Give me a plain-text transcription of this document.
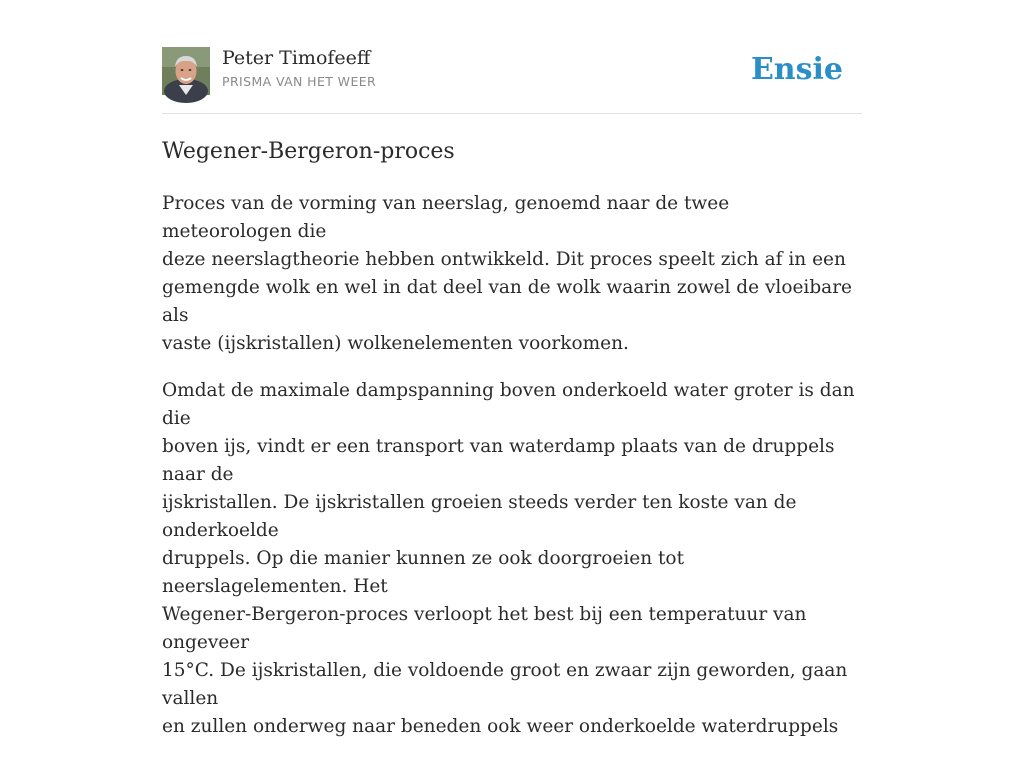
Peter Timofeeff
PRISMA VAN HET WEER	Ensie
Wegener-Bergeron-proces

Proces van de vorming van neerslag, genoemd naar de twee meteorologen die
deze neerslagtheorie hebben ontwikkeld. Dit proces speelt zich af in een
gemengde wolk en wel in dat deel van de wolk waarin zowel de vloeibare als
vaste (ijskristallen) wolkenelementen voorkomen.

Omdat de maximale dampspanning boven onderkoeld water groter is dan die
boven ijs, vindt er een transport van waterdamp plaats van de druppels naar de
ijskristallen. De ijskristallen groeien steeds verder ten koste van de onderkoelde
druppels. Op die manier kunnen ze ook doorgroeien tot neerslagelementen. Het
Wegener-Bergeron-proces verloopt het best bij een temperatuur van ongeveer
15°C. De ijskristallen, die voldoende groot en zwaar zijn geworden, gaan vallen
en zullen onderweg naar beneden ook weer onderkoelde waterdruppels
